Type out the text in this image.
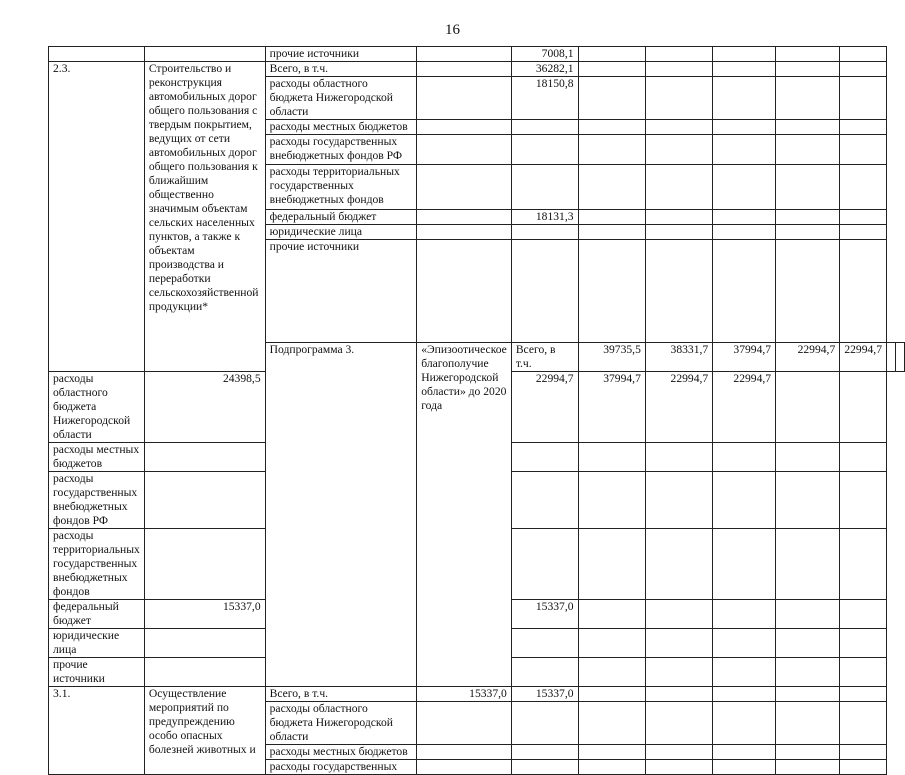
16
		прочие источники		7008,1							
2.3.	Строительство и реконструкция автомобильных дорог общего пользования с твердым покрытием, ведущих от сети автомобильных дорог общего пользования к ближайшим общественно значимым объектам сельских населенных пунктов, а также к объектам производства и переработки сельскохозяйственной продукции*	Всего, в т.ч.		36282,1							
		расходы областного бюджета Нижегородской области		18150,8							
		расходы местных бюджетов									
		расходы государственных внебюджетных фондов РФ									
		расходы территориальных государственных внебюджетных фондов									
		федеральный бюджет		18131,3							
		юридические лица									
		прочие источники									
		Подпрограмма 3.	«Эпизоотическое благополучие Нижегородской области» до 2020 года	Всего, в т.ч.	39735,5	38331,7	37994,7	22994,7	22994,7		
расходы областного бюджета Нижегородской области	24398,5			22994,7	37994,7	22994,7	22994,7				
расходы местных бюджетов											
расходы государственных внебюджетных фондов РФ											
расходы территориальных государственных внебюджетных фондов											
федеральный бюджет	15337,0			15337,0							
юридические лица											
прочие источники											
3.1.	Осуществление мероприятий по предупреждению особо опасных болезней животных и	Всего, в т.ч.	15337,0	15337,0							
		расходы областного бюджета Нижегородской области									
		расходы местных бюджетов									
		расходы государственных									
